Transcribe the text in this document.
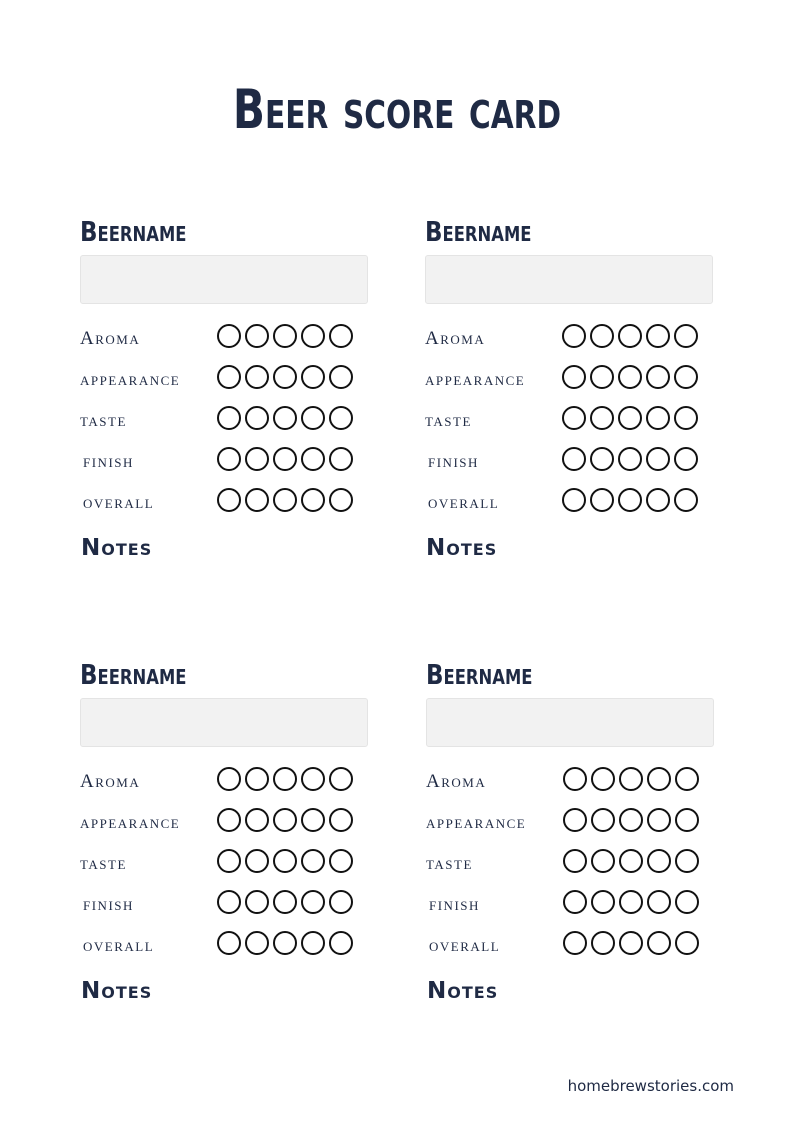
Beer score card
Beername
Aroma
appearance
taste
finish
overall
Notes
Beername
Aroma
appearance
taste
finish
overall
Notes
Beername
Aroma
appearance
taste
finish
overall
Notes
Beername
Aroma
appearance
taste
finish
overall
Notes
homebrewstories.com
